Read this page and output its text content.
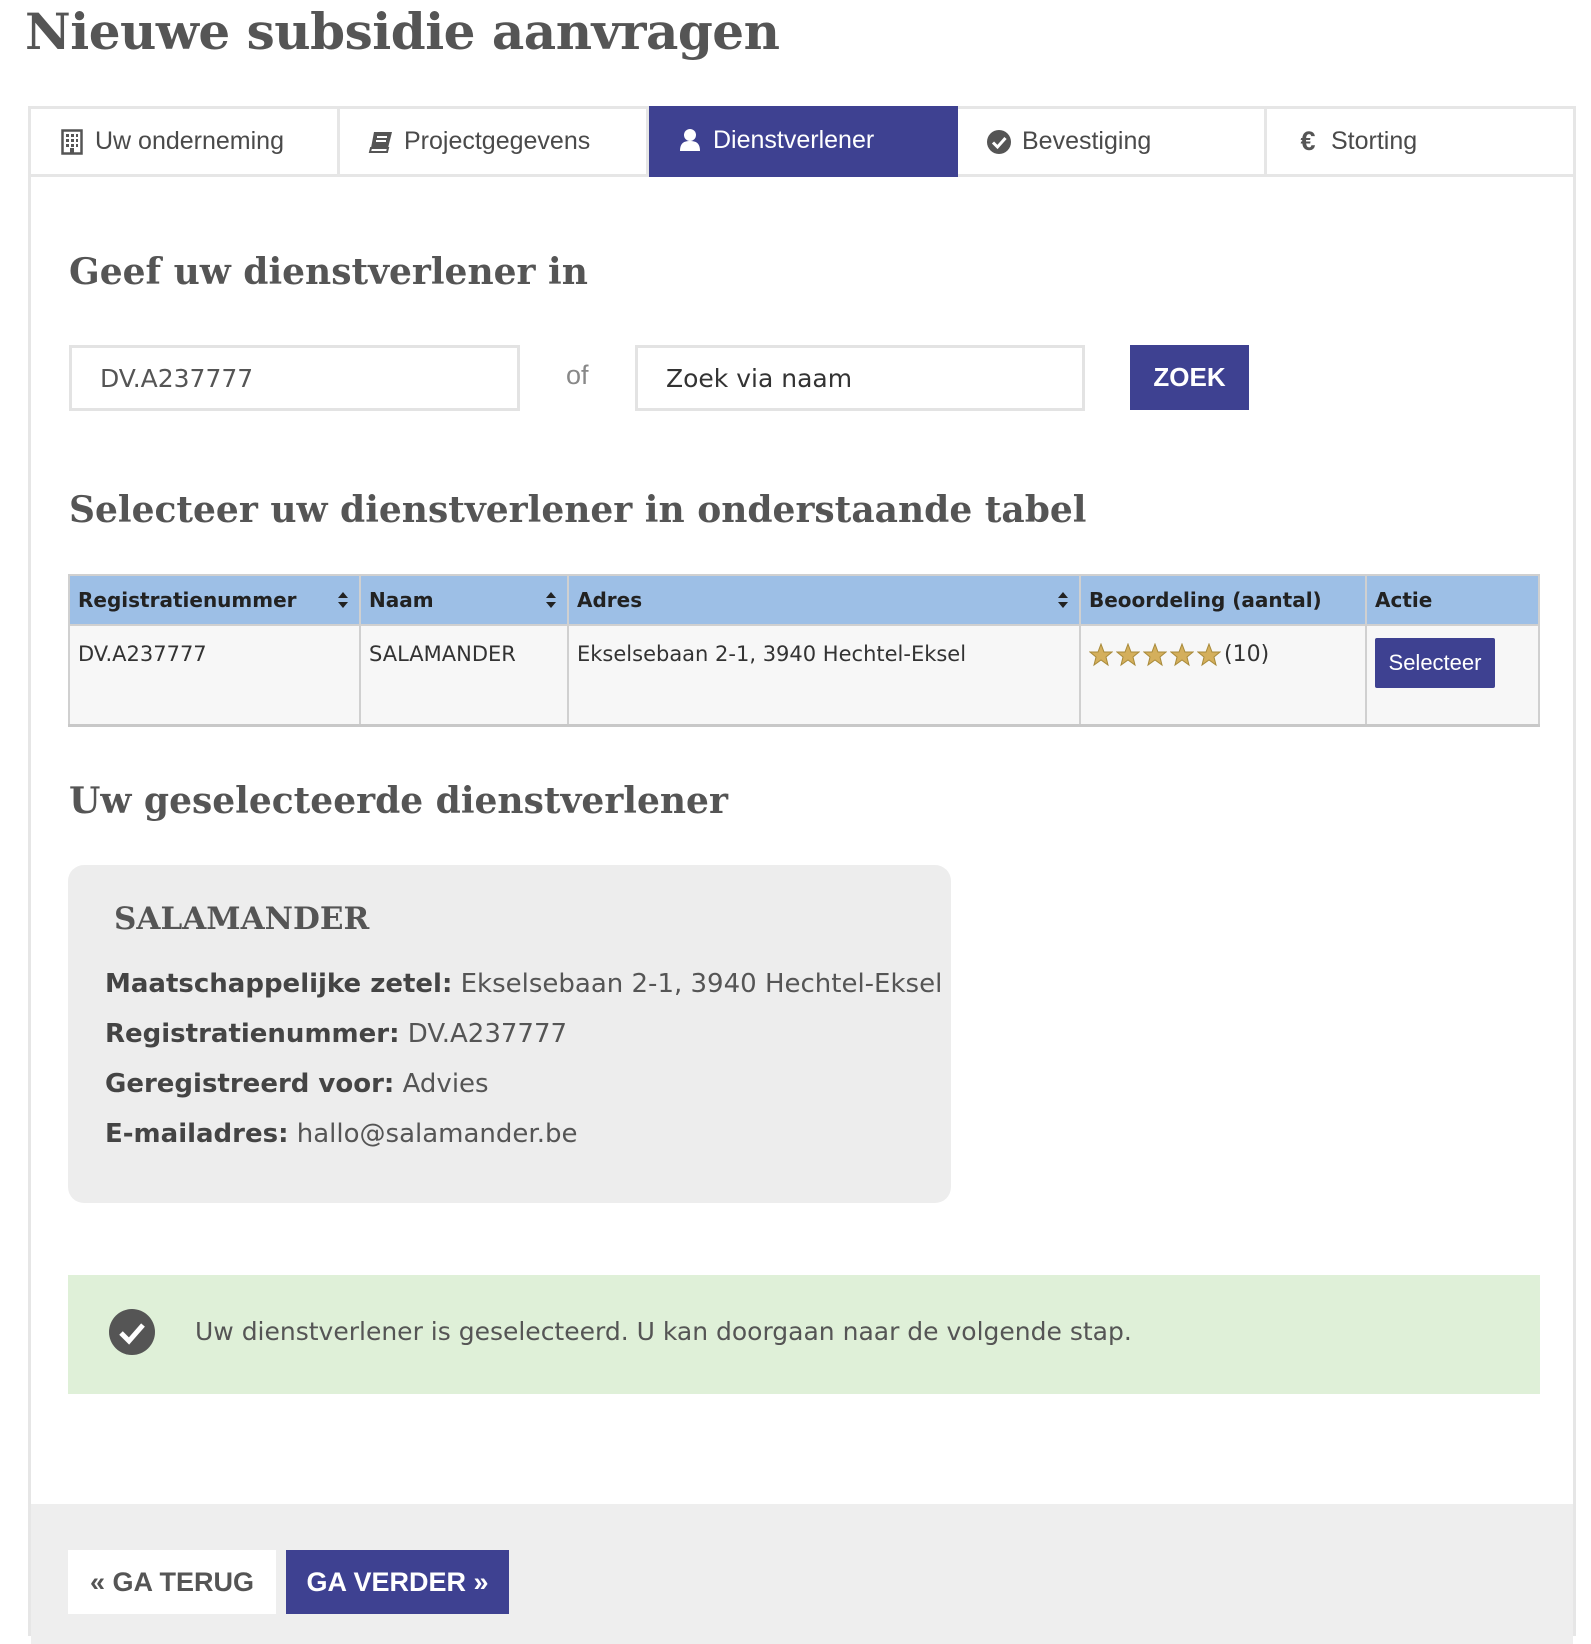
Nieuwe subsidie aanvragen
Uw onderneming	Projectgegevens	Dienstverlener	Bevestiging	€ Storting
Geef uw dienstverlener in
DV.A237777
of
Zoek via naam	ZOEK
Selecteer uw dienstverlener in onderstaande tabel
Registratienummer	Naam	Adres	Beoordeling (aantal)	Actie
DV.A237777	SALAMANDER	Ekselsebaan 2-1, 3940 Hechtel-Eksel	(10)	Selecteer
Uw geselecteerde dienstverlener
SALAMANDER
Maatschappelijke zetel: Ekselsebaan 2-1, 3940 Hechtel-Eksel
Registratienummer: DV.A237777
Geregistreerd voor: Advies
E-mailadres: hallo@salamander.be
Uw dienstverlener is geselecteerd. U kan doorgaan naar de volgende stap.
« GA TERUG	GA VERDER »
